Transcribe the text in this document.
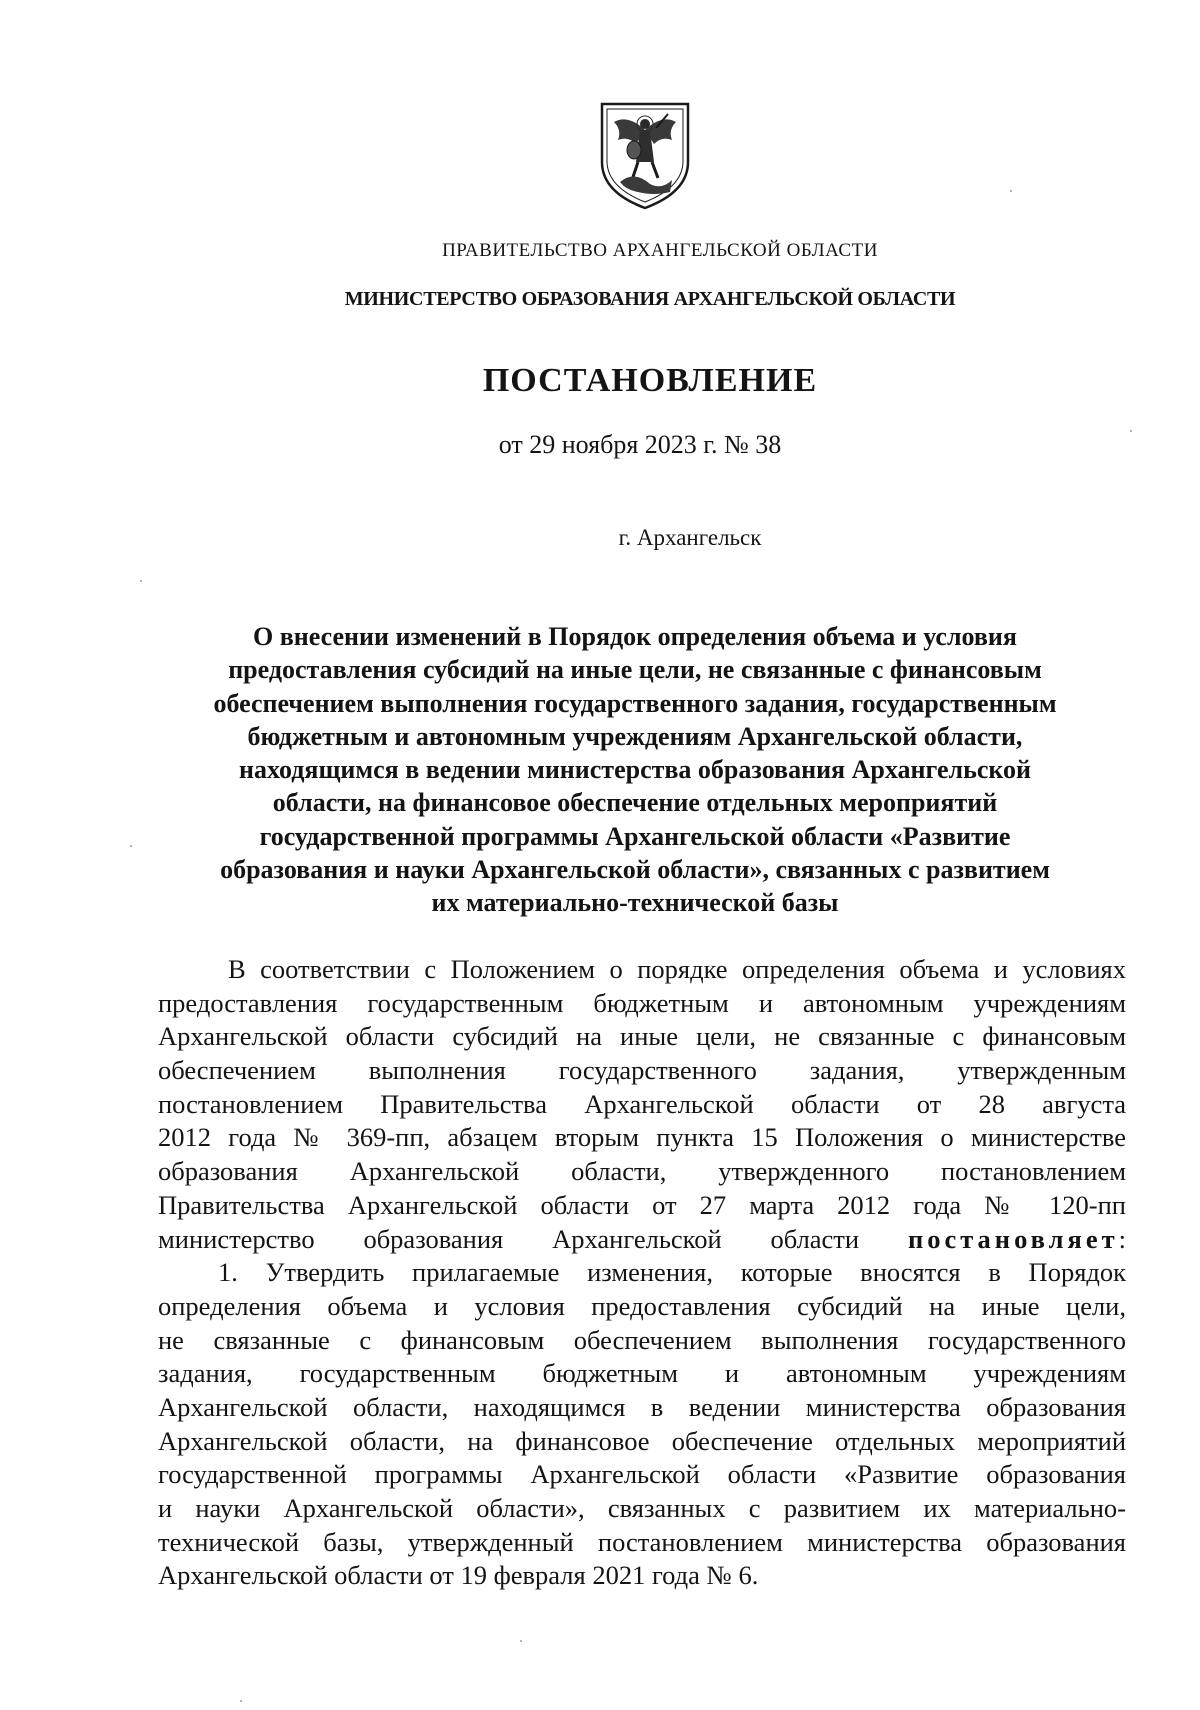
ПРАВИТЕЛЬСТВО АРХАНГЕЛЬСКОЙ ОБЛАСТИ
МИНИСТЕРСТВО ОБРАЗОВАНИЯ АРХАНГЕЛЬСКОЙ ОБЛАСТИ
ПОСТАНОВЛЕНИЕ
от 29 ноября 2023 г. № 38
г. Архангельск
О внесении изменений в Порядок определения объема и условия
предоставления субсидий на иные цели, не связанные с финансовым
обеспечением выполнения государственного задания, государственным
бюджетным и автономным учреждениям Архангельской области,
находящимся в ведении министерства образования Архангельской
области, на финансовое обеспечение отдельных мероприятий
государственной программы Архангельской области «Развитие
образования и науки Архангельской области», связанных с развитием
их материально-технической базы
В соответствии с Положением о порядке определения объема и условиях
предоставления государственным бюджетным и автономным учреждениям
Архангельской области субсидий на иные цели, не связанные с финансовым
обеспечением выполнения государственного задания, утвержденным
постановлением Правительства Архангельской области от 28 августа
2012 года № 369-пп, абзацем вторым пункта 15 Положения о министерстве
образования Архангельской области, утвержденного постановлением
Правительства Архангельской области от 27 марта 2012 года № 120-пп
министерство образования Архангельской области постановляет:
1. Утвердить прилагаемые изменения, которые вносятся в Порядок
определения объема и условия предоставления субсидий на иные цели,
не связанные с финансовым обеспечением выполнения государственного
задания, государственным бюджетным и автономным учреждениям
Архангельской области, находящимся в ведении министерства образования
Архангельской области, на финансовое обеспечение отдельных мероприятий
государственной программы Архангельской области «Развитие образования
и науки Архангельской области», связанных с развитием их материально-
технической базы, утвержденный постановлением министерства образования
Архангельской области от 19 февраля 2021 года № 6.
